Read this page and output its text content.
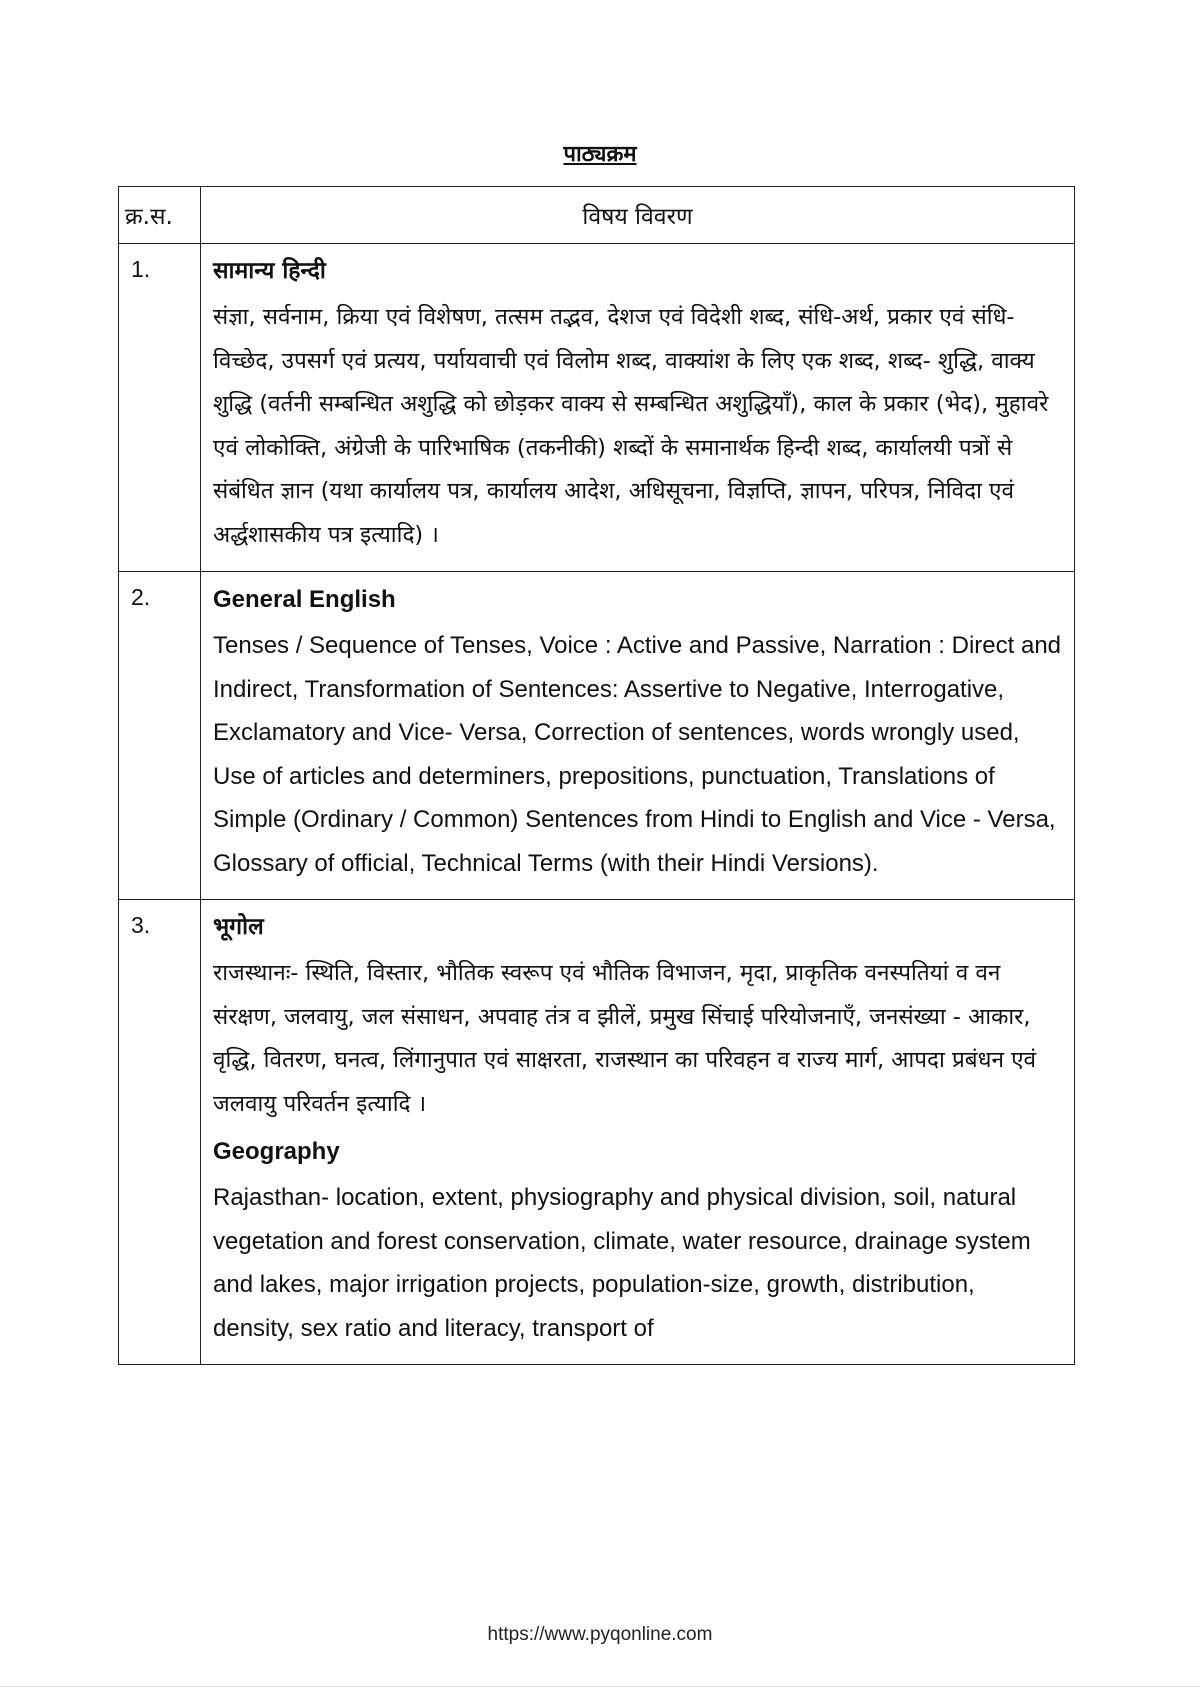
पाठ्यक्रम
क्र.स.	विषय विवरण
1.	सामान्य हिन्दी
संज्ञा, सर्वनाम, क्रिया एवं विशेषण, तत्सम तद्भव, देशज एवं विदेशी शब्द, संधि-अर्थ, प्रकार एवं संधि-विच्छेद, उपसर्ग एवं प्रत्यय, पर्यायवाची एवं विलोम शब्द, वाक्यांश के लिए एक शब्द, शब्द- शुद्धि, वाक्य शुद्धि (वर्तनी सम्बन्धित अशुद्धि को छोड़कर वाक्य से सम्बन्धित अशुद्धियाँ), काल के प्रकार (भेद), मुहावरे एवं लोकोक्ति, अंग्रेजी के पारिभाषिक (तकनीकी) शब्दों के समानार्थक हिन्दी शब्द, कार्यालयी पत्रों से संबंधित ज्ञान (यथा कार्यालय पत्र, कार्यालय आदेश, अधिसूचना, विज्ञप्ति, ज्ञापन, परिपत्र, निविदा एवं अर्द्धशासकीय पत्र इत्यादि) ।

2.	General English
Tenses / Sequence of Tenses, Voice : Active and Passive, Narration : Direct and Indirect, Transformation of Sentences: Assertive to Negative, Interrogative, Exclamatory and Vice- Versa, Correction of sentences, words wrongly used, Use of articles and determiners, prepositions, punctuation, Translations of Simple (Ordinary / Common) Sentences from Hindi to English and Vice - Versa, Glossary of official, Technical Terms (with their Hindi Versions).

3.	भूगोल
राजस्थानः- स्थिति, विस्तार, भौतिक स्वरूप एवं भौतिक विभाजन, मृदा, प्राकृतिक वनस्पतियां व वन संरक्षण, जलवायु, जल संसाधन, अपवाह तंत्र व झीलें, प्रमुख सिंचाई परियोजनाएँ, जनसंख्या - आकार, वृद्धि, वितरण, घनत्व, लिंगानुपात एवं साक्षरता, राजस्थान का परिवहन व राज्य मार्ग, आपदा प्रबंधन एवं जलवायु परिवर्तन इत्यादि ।
Geography
Rajasthan- location, extent, physiography and physical division, soil, natural vegetation and forest conservation, climate, water resource, drainage system and lakes, major irrigation projects, population-size, growth, distribution, density, sex ratio and literacy, transport of
https://www.pyqonline.com
